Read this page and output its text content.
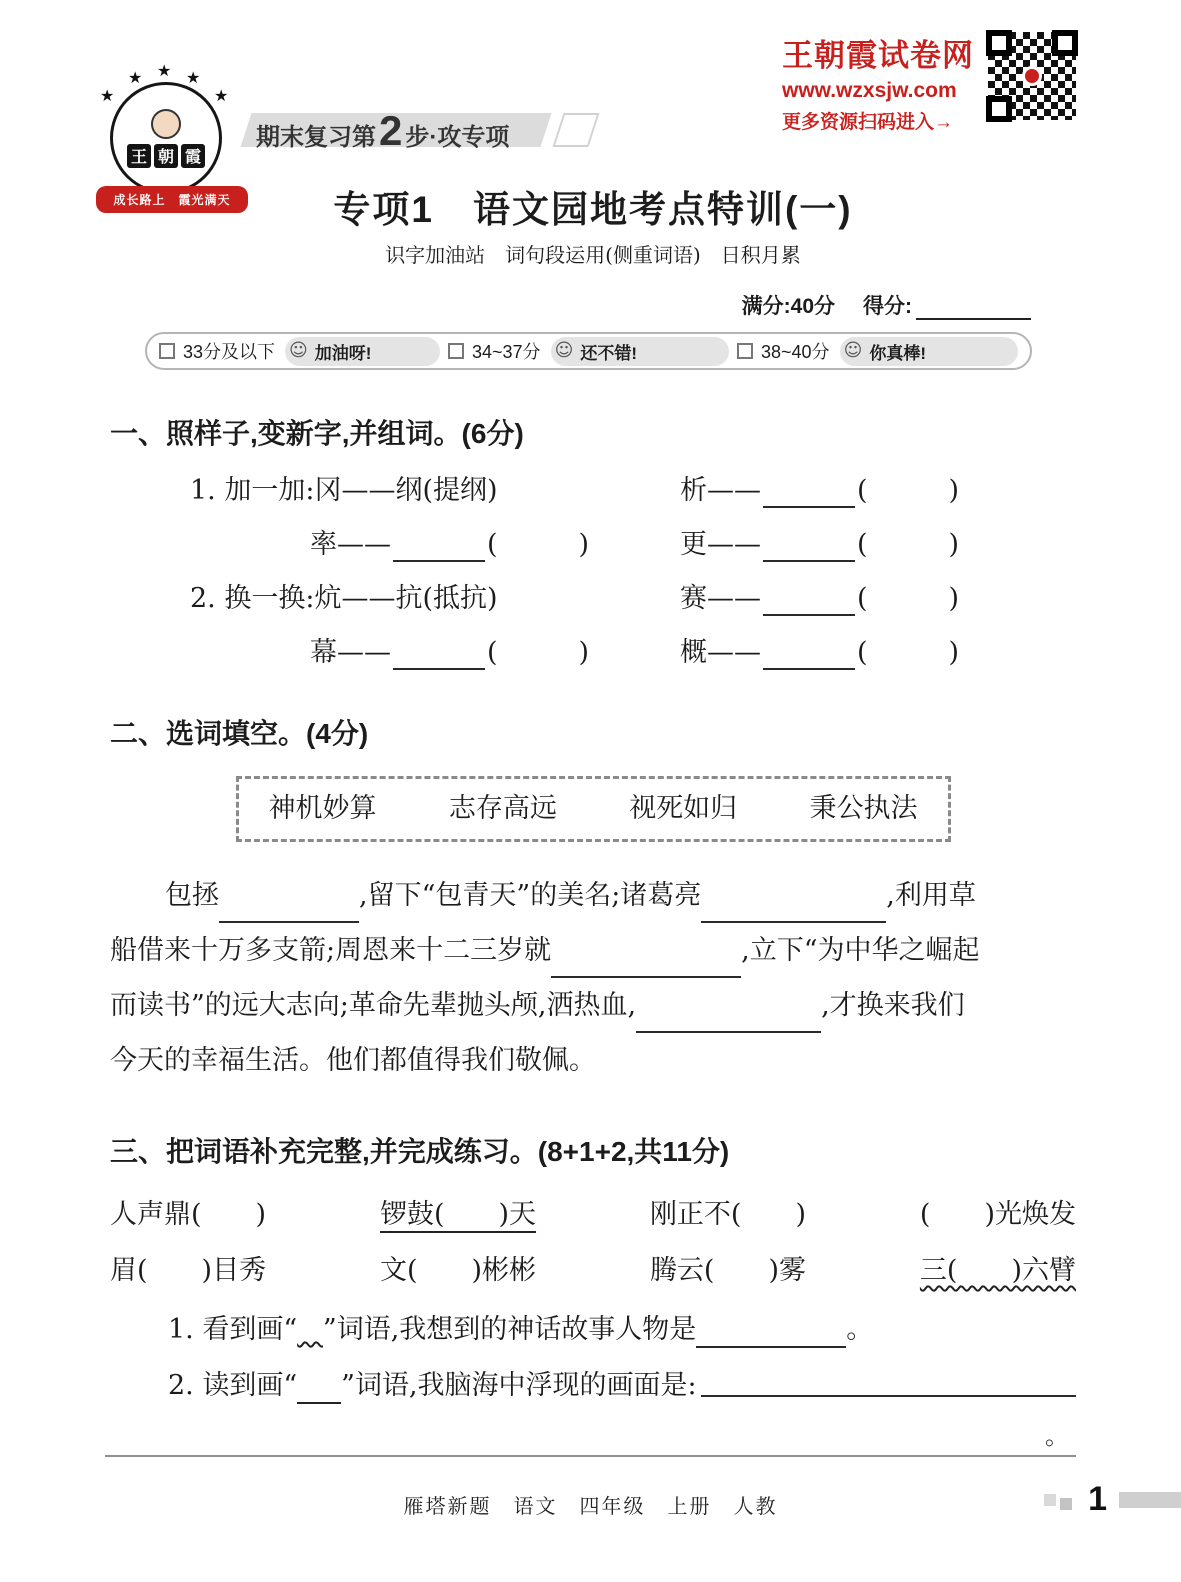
王朝霞试卷网
www.wzxsjw.com
更多资源扫码进入→
★
★ ★ ★
★
王 朝 霞
成长路上　霞光满天
期末复习第 2 步·攻专项
专项1　语文园地考点特训(一)
识字加油站　词句段运用(侧重词语)　日积月累
满分:40分 得分:
33分及以下 ☺ 加油呀!	34~37分 ☺ 还不错!	38~40分 ☺ 你真棒!
一、照样子,变新字,并组词。(6分)
1. 加一加:冈——纲(提纲)	析——	(　　　)
率——	(　　　)	更——	(　　　)
2. 换一换:炕——抗(抵抗)	赛——	(　　　)
幕——	(　　　)	概——	(　　　)
二、选词填空。(4分)
神机妙算	志存高远	视死如归	秉公执法
包拯	,留下“包青天”的美名;诸葛亮	,利用草
船借来十万多支箭;周恩来十二三岁就	,立下“为中华之崛起
而读书”的远大志向;革命先辈抛头颅,洒热血,	,才换来我们
今天的幸福生活。他们都值得我们敬佩。
三、把词语补充完整,并完成练习。(8+1+2,共11分)
人声鼎(　　)	锣鼓(　　)天	刚正不(　　)	(　　)光焕发
眉(　　)目秀	文(　　)彬彬	腾云(　　)雾	三(　　)六臂
1. 看到画“ ”词语,我想到的神话故事人物是	。
2. 读到画“ ”词语,我脑海中浮现的画面是:
。
雁塔新题　语文　四年级　上册　人教	1
